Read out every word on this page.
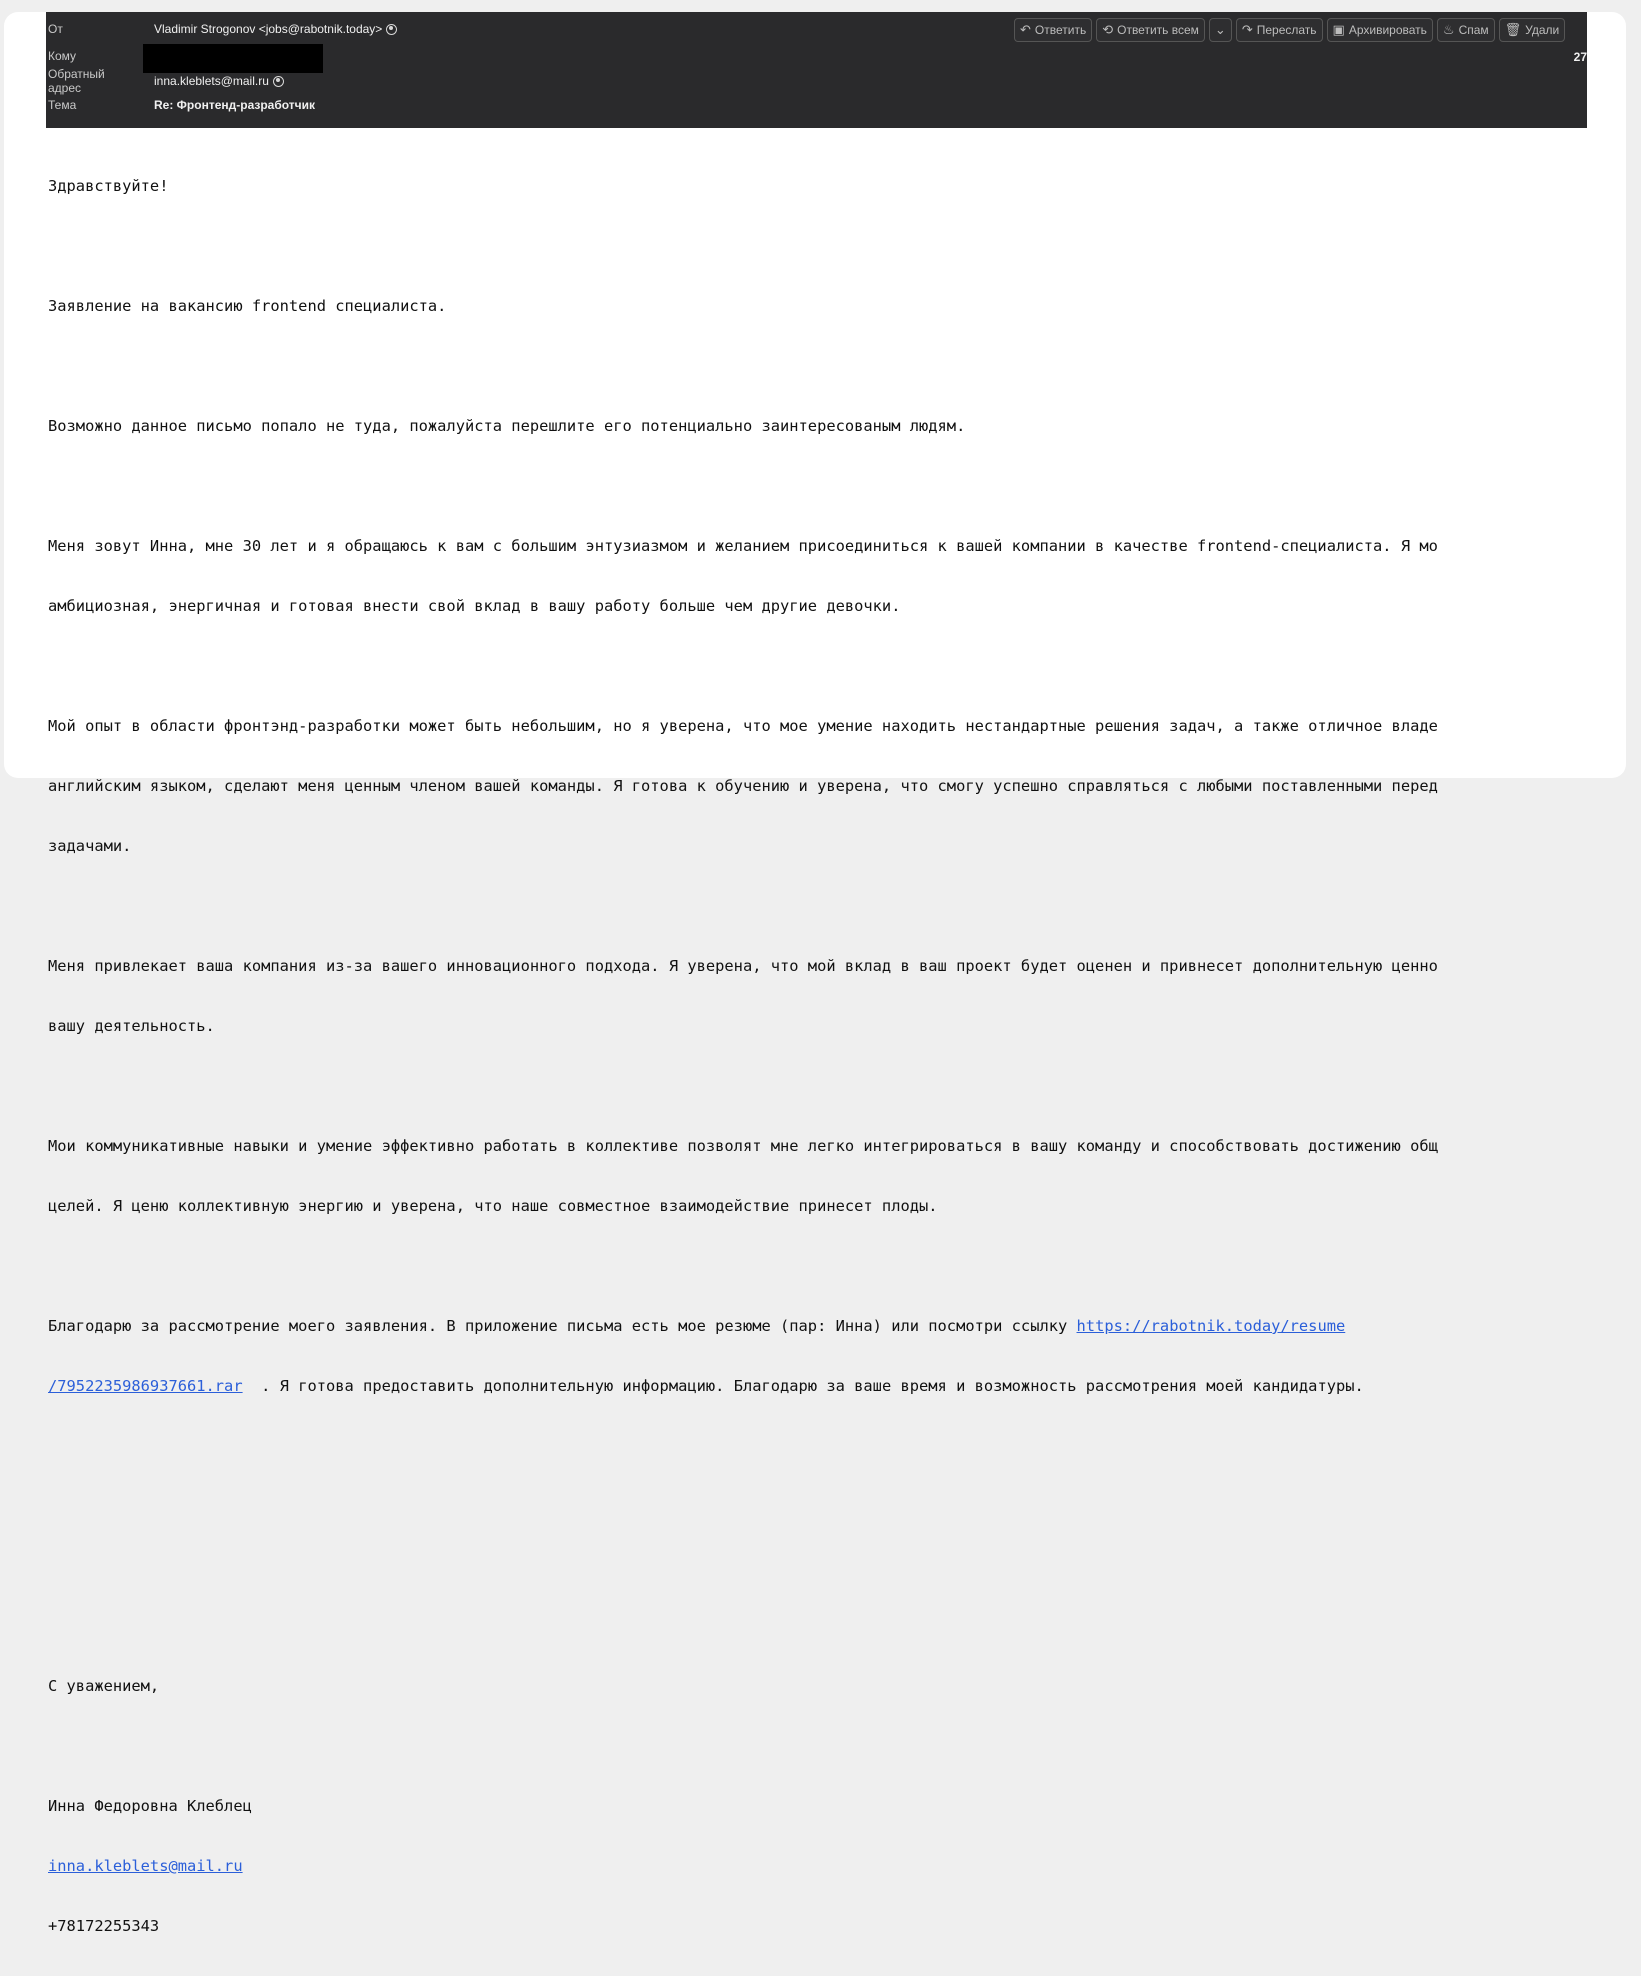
От	Vladimir Strogonov <jobs@rabotnik.today>
Кому
Обратный адрес	inna.kleblets@mail.ru
Тема	Re: Фронтенд-разработчик
↶ Ответить ⟲ Ответить всем ⌄ ↷ Переслать ▣ Архивировать ♨ Спам 🗑 Удали
27

Здравствуйте!

Заявление на вакансию frontend специалиста.

Возможно данное письмо попало не туда, пожалуйста перешлите его потенциально заинтересованым людям.

Меня зовут Инна, мне 30 лет и я обращаюсь к вам с большим энтузиазмом и желанием присоединиться к вашей компании в качестве frontend-специалиста. Я мо

амбициозная, энергичная и готовая внести свой вклад в вашу работу больше чем другие девочки.

Мой опыт в области фронтэнд-разработки может быть небольшим, но я уверена, что мое умение находить нестандартные решения задач, а также отличное владе

английским языком, сделают меня ценным членом вашей команды. Я готова к обучению и уверена, что смогу успешно справляться с любыми поставленными перед

задачами.

Меня привлекает ваша компания из-за вашего инновационного подхода. Я уверена, что мой вклад в ваш проект будет оценен и привнесет дополнительную ценно

вашу деятельность.

Мои коммуникативные навыки и умение эффективно работать в коллективе позволят мне легко интегрироваться в вашу команду и способствовать достижению общ

целей. Я ценю коллективную энергию и уверена, что наше совместное взаимодействие принесет плоды.

Благодарю за рассмотрение моего заявления. В приложение письма есть мое резюме (пар: Инна) или посмотри ссылку https://rabotnik.today/resume

/7952235986937661.rar  . Я готова предоставить дополнительную информацию. Благодарю за ваше время и возможность рассмотрения моей кандидатуры.

С уважением,

Инна Федоровна Клеблец

inna.kleblets@mail.ru

+78172255343
